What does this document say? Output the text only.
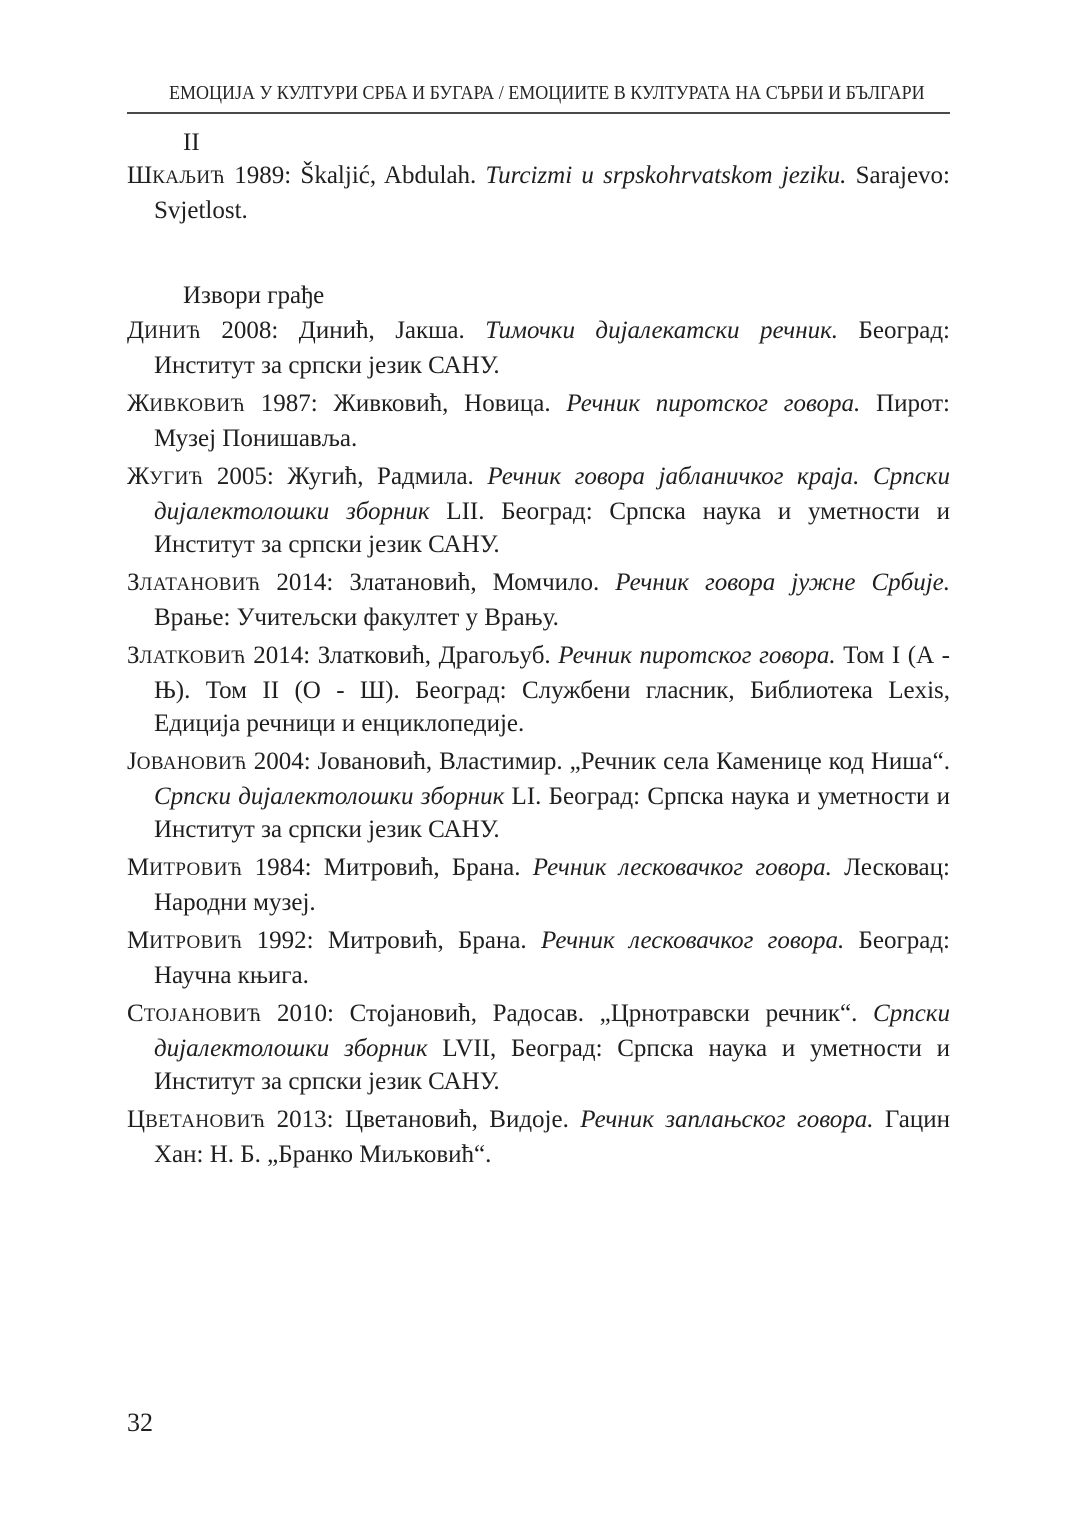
ЕМОЦИЈА У КУЛТУРИ СРБА И БУГАРА / ЕМОЦИИТЕ В КУЛТУРАТА НА СЪРБИ И БЪЛГАРИ
II

ШКАЉИЋ 1989: Škaljić, Abdulah. Turcizmi u srpskohrvatskom jeziku. Sarajevo: Svjetlost.

Извори грађе

ДИНИЋ 2008: Динић, Јакша. Тимочки дијалекатски речник. Београд: Институт за српски језик САНУ.

ЖИВКОВИЋ 1987: Живковић, Новица. Речник пиротског говора. Пирот: Музеј Понишавља.

ЖУГИЋ 2005: Жугић, Радмила. Речник говора јабланичког краја. Српски дијалектолошки зборник LII. Београд: Српска наука и уметности и Институт за српски језик САНУ.

ЗЛАТАНОВИЋ 2014: Златановић, Момчило. Речник говора јужне Србије. Врање: Учитељски факултет у Врању.

ЗЛАТКОВИЋ 2014: Златковић, Драгољуб. Речник пиротског говора. Том I (А - Њ). Том II (О - Ш). Београд: Службени гласник, Библиотека Lexis, Едиција речници и енциклопедије.

ЈОВАНОВИЋ 2004: Јовановић, Властимир. „Речник села Каменице код Ниша“. Српски дијалектолошки зборник LI. Београд: Српска наука и уметности и Институт за српски језик САНУ.

МИТРОВИЋ 1984: Митровић, Брана. Речник лесковачког говора. Лесковац: Народни музеј.

МИТРОВИЋ 1992: Митровић, Брана. Речник лесковачког говора. Београд: Научна књига.

СТОЈАНОВИЋ 2010: Стојановић, Радосав. „Црнотравски речник“. Српски дијалектолошки зборник LVII, Београд: Српска наука и уметности и Институт за српски језик САНУ.

ЦВЕТАНОВИЋ 2013: Цветановић, Видоје. Речник заплањског говора. Гацин Хан: Н. Б. „Бранко Миљковић“.

32
